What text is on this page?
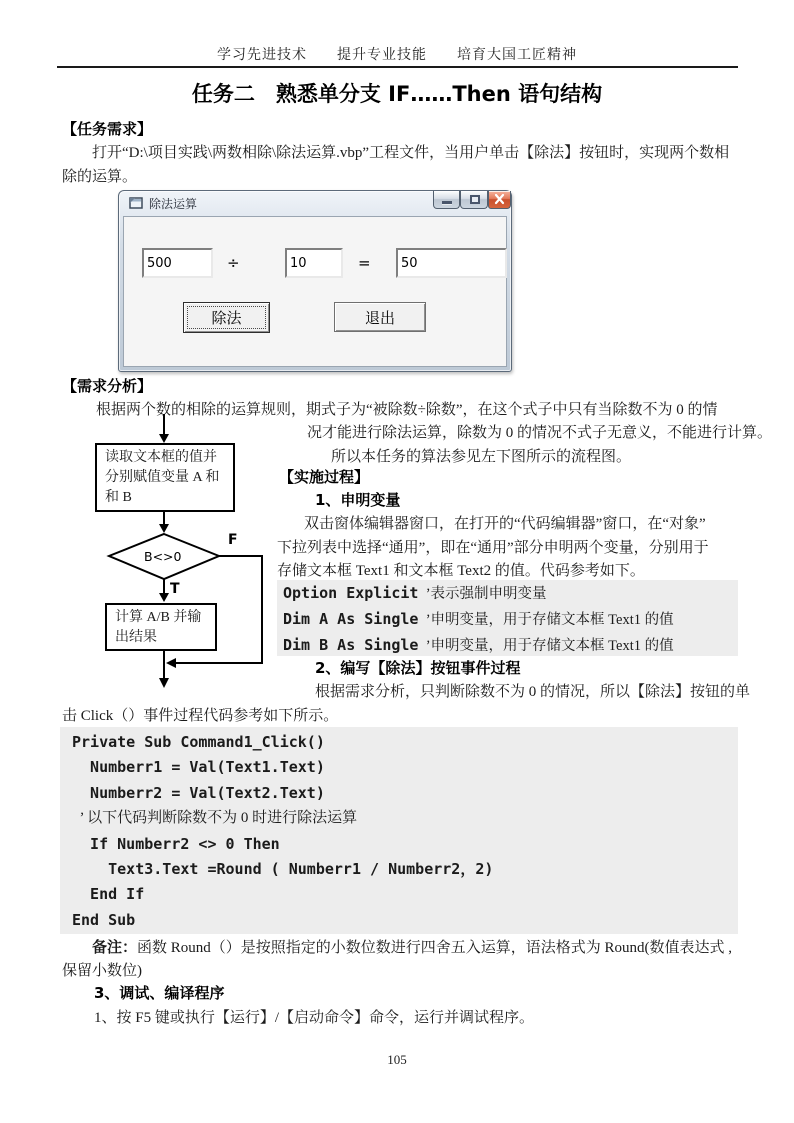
学习先进技术　　提升专业技能　　培育大国工匠精神
任务二　熟悉单分支 IF……Then 语句结构
【任务需求】

打开“D:\项目实践\两数相除\除法运算.vbp”工程文件，当用户单击【除法】按钮时，实现两个数相除的运算。

除法运算
500
÷
10	=
50
除法	退出
【需求分析】
根据两个数的相除的运算规则，期式子为“被除数÷除数”，在这个式子中只有当除数不为 0 的情
况才能进行除法运算，除数为 0 的情况不式子无意义，不能进行计算。
所以本任务的算法参见左下图所示的流程图。
B<>0
读取文本框的值并
分别赋值变量 A 和
和 B
计算 A/B 并输
出结果
T
F
【实施过程】
1、申明变量
双击窗体编辑器窗口，在打开的“代码编辑器”窗口，在“对象”
下拉列表中选择“通用”，即在“通用”部分申明两个变量，分别用于
存储文本框 Text1 和文本框 Text2 的值。代码参考如下。
Option Explicit  ’表示强制申明变量
Dim A As Single  ’申明变量，用于存储文本框 Text1 的值
Dim B As Single  ’申明变量，用于存储文本框 Text1 的值
2、编写【除法】按钮事件过程
根据需求分析，只判断除数不为 0 的情况，所以【除法】按钮的单
击 Click（）事件过程代码参考如下所示。
Private Sub Command1_Click()
Numberr1 = Val(Text1.Text)
Numberr2 = Val(Text2.Text)
’ 以下代码判断除数不为 0 时进行除法运算
If Numberr2 <> 0 Then
Text3.Text =Round ( Numberr1 / Numberr2，2)
End If
End Sub

备注：函数 Round（）是按照指定的小数位数进行四舍五入运算，语法格式为 Round(数值表达式 ,保留小数位)

3、调试、编译程序
1、按 F5 键或执行【运行】/【启动命令】命令，运行并调试程序。
105
